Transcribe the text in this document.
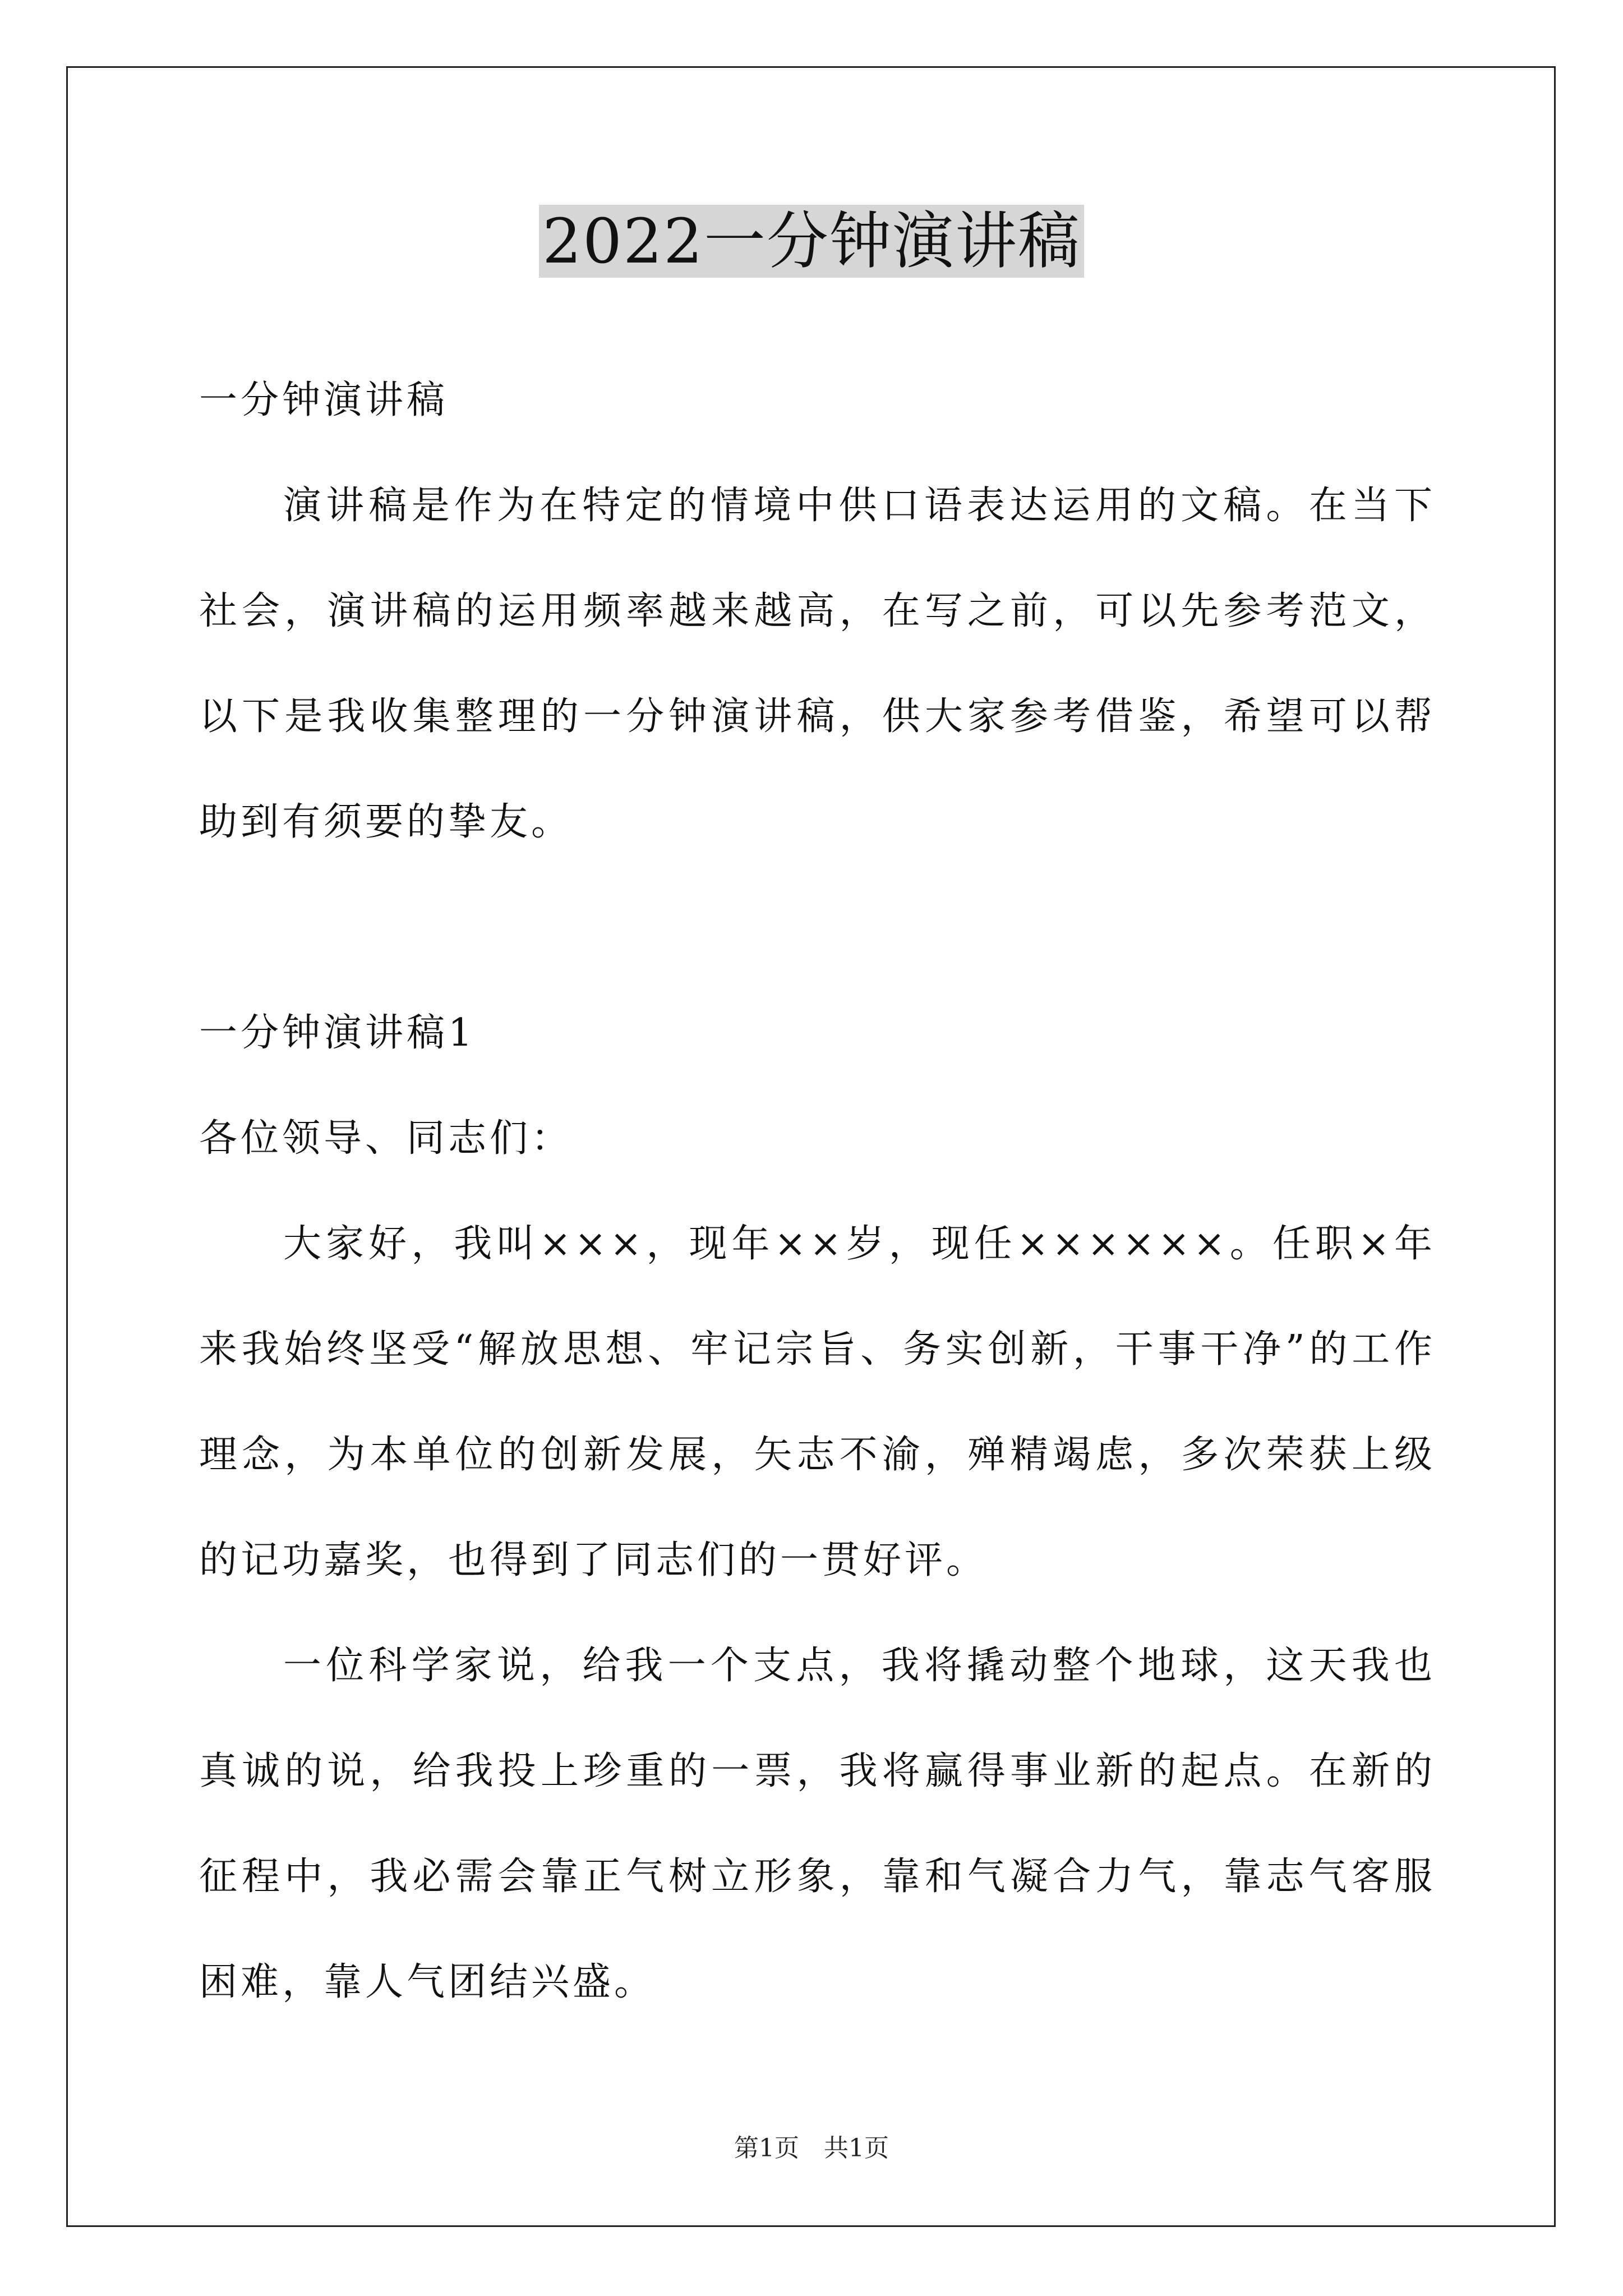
2022一分钟演讲稿

一分钟演讲稿

演讲稿是作为在特定的情境中供口语表达运用的文稿。在当下社会，演讲稿的运用频率越来越高，在写之前，可以先参考范文，以下是我收集整理的一分钟演讲稿，供大家参考借鉴，希望可以帮助到有须要的挚友。

一分钟演讲稿1

各位领导、同志们：

大家好，我叫×××，现年××岁，现任××××××。任职×年来我始终坚受“解放思想、牢记宗旨、务实创新，干事干净”的工作理念，为本单位的创新发展，矢志不渝，殚精竭虑，多次荣获上级的记功嘉奖，也得到了同志们的一贯好评。

一位科学家说，给我一个支点，我将撬动整个地球，这天我也真诚的说，给我投上珍重的一票，我将赢得事业新的起点。在新的征程中，我必需会靠正气树立形象，靠和气凝合力气，靠志气客服困难，靠人气团结兴盛。

第1页　共1页
